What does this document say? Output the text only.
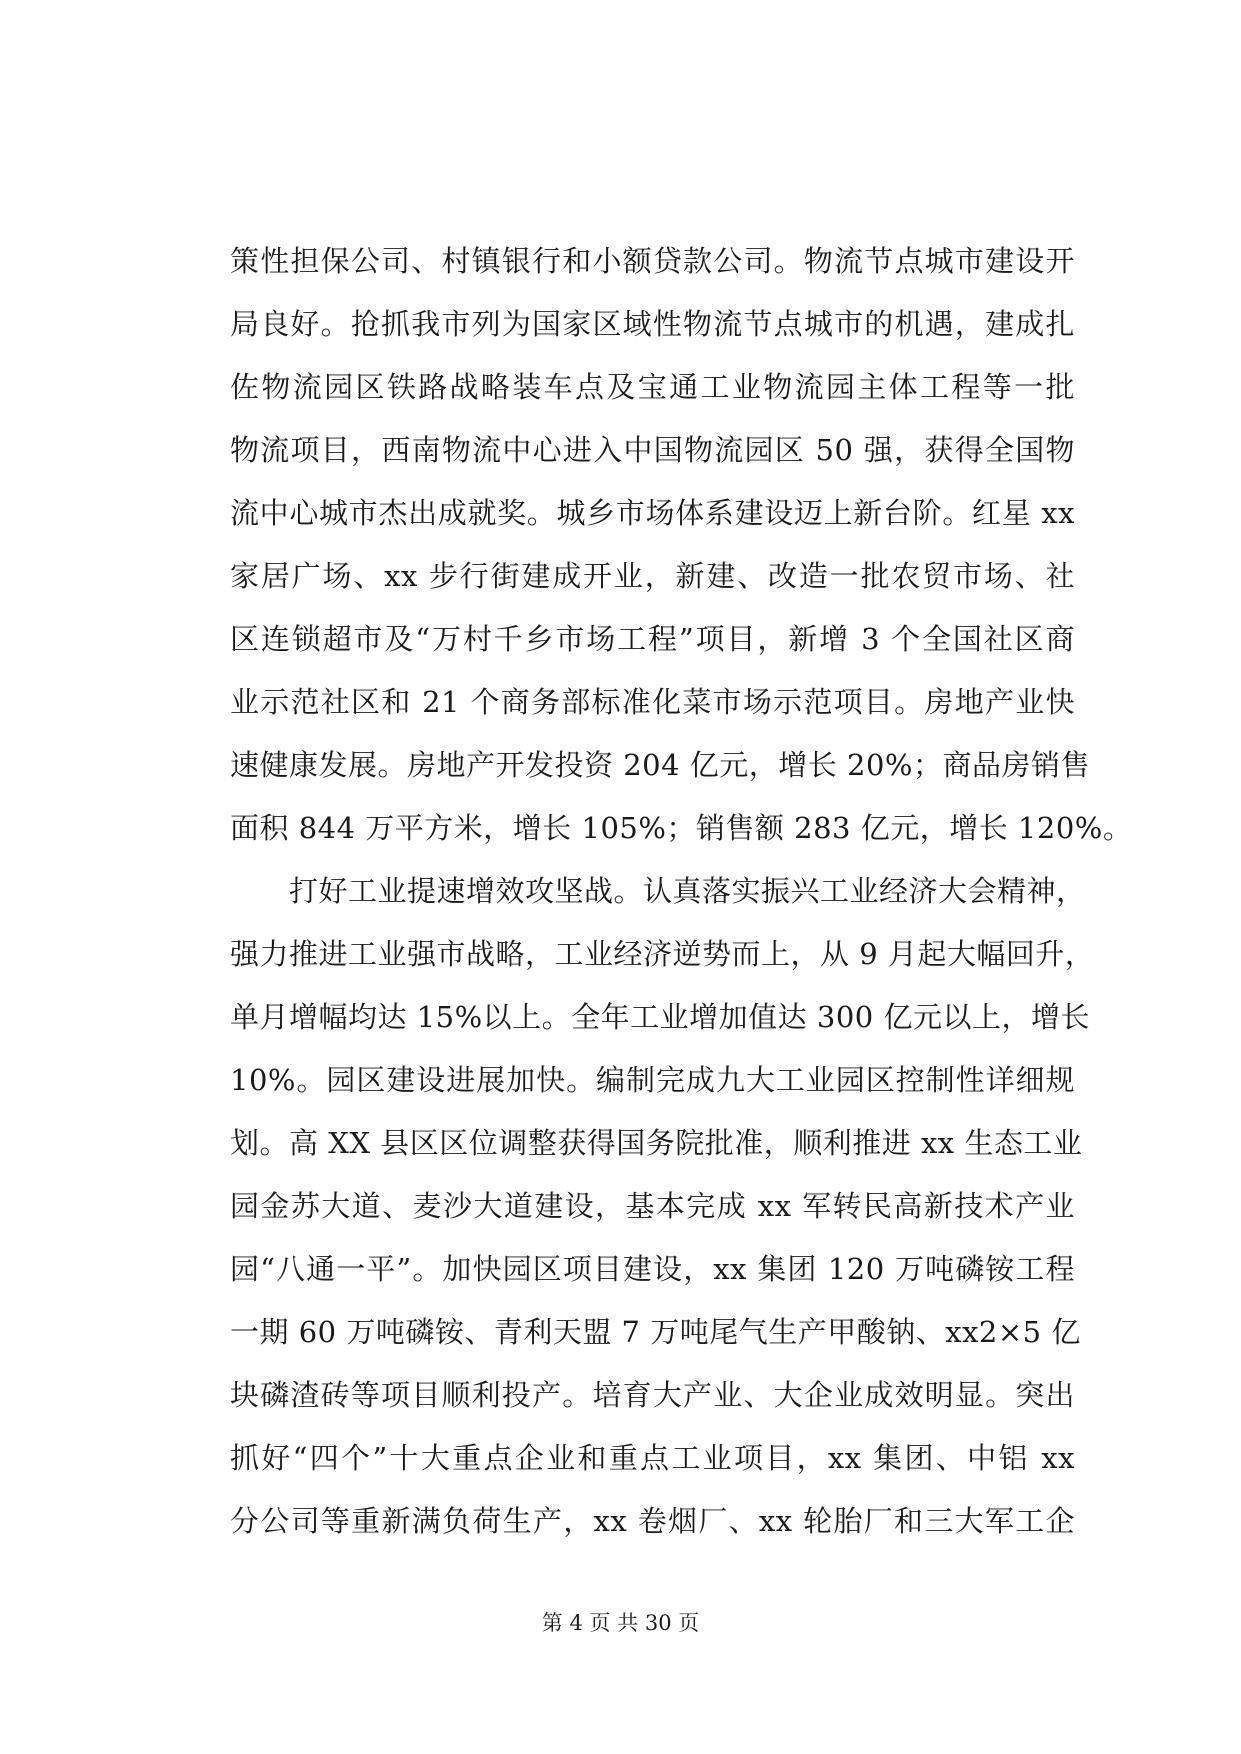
策性担保公司、村镇银行和小额贷款公司。物流节点城市建设开
局良好。抢抓我市列为国家区域性物流节点城市的机遇，建成扎
佐物流园区铁路战略装车点及宝通工业物流园主体工程等一批
物流项目，西南物流中心进入中国物流园区 50 强，获得全国物
流中心城市杰出成就奖。城乡市场体系建设迈上新台阶。红星 xx
家居广场、xx 步行街建成开业，新建、改造一批农贸市场、社
区连锁超市及“万村千乡市场工程”项目，新增 3 个全国社区商
业示范社区和 21 个商务部标准化菜市场示范项目。房地产业快
速健康发展。房地产开发投资 204 亿元，增长 20%；商品房销售
面积 844 万平方米，增长 105%；销售额 283 亿元，增长 120%。
　　打好工业提速增效攻坚战。认真落实振兴工业经济大会精神，
强力推进工业强市战略，工业经济逆势而上，从 9 月起大幅回升，
单月增幅均达 15%以上。全年工业增加值达 300 亿元以上，增长
10%。园区建设进展加快。编制完成九大工业园区控制性详细规
划。高 XX 县区区位调整获得国务院批准，顺利推进 xx 生态工业
园金苏大道、麦沙大道建设，基本完成 xx 军转民高新技术产业
园“八通一平”。加快园区项目建设，xx 集团 120 万吨磷铵工程
一期 60 万吨磷铵、青利天盟 7 万吨尾气生产甲酸钠、xx2×5 亿
块磷渣砖等项目顺利投产。培育大产业、大企业成效明显。突出
抓好“四个”十大重点企业和重点工业项目，xx 集团、中铝 xx
分公司等重新满负荷生产，xx 卷烟厂、xx 轮胎厂和三大军工企
第 4 页 共 30 页
